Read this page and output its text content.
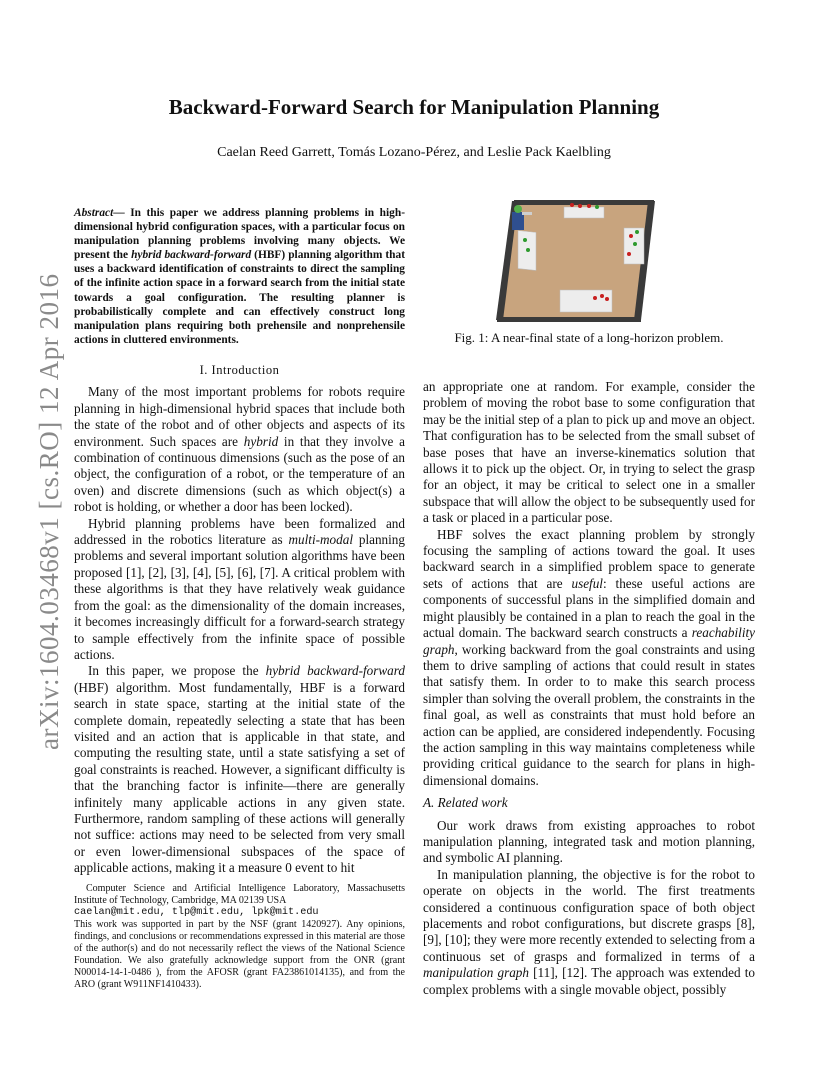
arXiv:1604.03468v1 [cs.RO] 12 Apr 2016
Backward-Forward Search for Manipulation Planning
Caelan Reed Garrett, Tomás Lozano-Pérez, and Leslie Pack Kaelbling
Abstract— In this paper we address planning problems in high-dimensional hybrid configuration spaces, with a particular focus on manipulation planning problems involving many objects. We present the hybrid backward-forward (HBF) planning algorithm that uses a backward identification of constraints to direct the sampling of the infinite action space in a forward search from the initial state towards a goal configuration. The resulting planner is probabilistically complete and can effectively construct long manipulation plans requiring both prehensile and nonprehensile actions in cluttered environments.	Fig. 1: A near-final state of a long-horizon problem.
I. Introduction

Many of the most important problems for robots require planning in high-dimensional hybrid spaces that include both the state of the robot and of other objects and aspects of its environment. Such spaces are hybrid in that they involve a combination of continuous dimensions (such as the pose of an object, the configuration of a robot, or the temperature of an oven) and discrete dimensions (such as which object(s) a robot is holding, or whether a door has been locked).

Hybrid planning problems have been formalized and addressed in the robotics literature as multi-modal planning problems and several important solution algorithms have been proposed [1], [2], [3], [4], [5], [6], [7]. A critical problem with these algorithms is that they have relatively weak guidance from the goal: as the dimensionality of the domain increases, it becomes increasingly difficult for a forward-search strategy to sample effectively from the infinite space of possible actions.

In this paper, we propose the hybrid backward-forward (HBF) algorithm. Most fundamentally, HBF is a forward search in state space, starting at the initial state of the complete domain, repeatedly selecting a state that has been visited and an action that is applicable in that state, and computing the resulting state, until a state satisfying a set of goal constraints is reached. However, a significant difficulty is that the branching factor is infinite—there are generally infinitely many applicable actions in any given state. Furthermore, random sampling of these actions will generally not suffice: actions may need to be selected from very small or even lower-dimensional subspaces of the space of applicable actions, making it a measure 0 event to hit

Computer Science and Artificial Intelligence Laboratory, Massachusetts Institute of Technology, Cambridge, MA 02139 USA

caelan@mit.edu, tlp@mit.edu, lpk@mit.edu
This work was supported in part by the NSF (grant 1420927). Any opinions, findings, and conclusions or recommendations expressed in this material are those of the author(s) and do not necessarily reflect the views of the National Science Foundation. We also gratefully acknowledge support from the ONR (grant N00014-14-1-0486 ), from the AFOSR (grant FA23861014135), and from the ARO (grant W911NF1410433).

an appropriate one at random. For example, consider the problem of moving the robot base to some configuration that may be the initial step of a plan to pick up and move an object. That configuration has to be selected from the small subset of base poses that have an inverse-kinematics solution that allows it to pick up the object. Or, in trying to select the grasp for an object, it may be critical to select one in a smaller subspace that will allow the object to be subsequently used for a task or placed in a particular pose.

HBF solves the exact planning problem by strongly focusing the sampling of actions toward the goal. It uses backward search in a simplified problem space to generate sets of actions that are useful: these useful actions are components of successful plans in the simplified domain and might plausibly be contained in a plan to reach the goal in the actual domain. The backward search constructs a reachability graph, working backward from the goal constraints and using them to drive sampling of actions that could result in states that satisfy them. In order to to make this search process simpler than solving the overall problem, the constraints in the final goal, as well as constraints that must hold before an action can be applied, are considered independently. Focusing the action sampling in this way maintains completeness while providing critical guidance to the search for plans in high-dimensional domains.

A. Related work

Our work draws from existing approaches to robot manipulation planning, integrated task and motion planning, and symbolic AI planning.

In manipulation planning, the objective is for the robot to operate on objects in the world. The first treatments considered a continuous configuration space of both object placements and robot configurations, but discrete grasps [8], [9], [10]; they were more recently extended to selecting from a continuous set of grasps and formalized in terms of a manipulation graph [11], [12]. The approach was extended to complex problems with a single movable object, possibly
